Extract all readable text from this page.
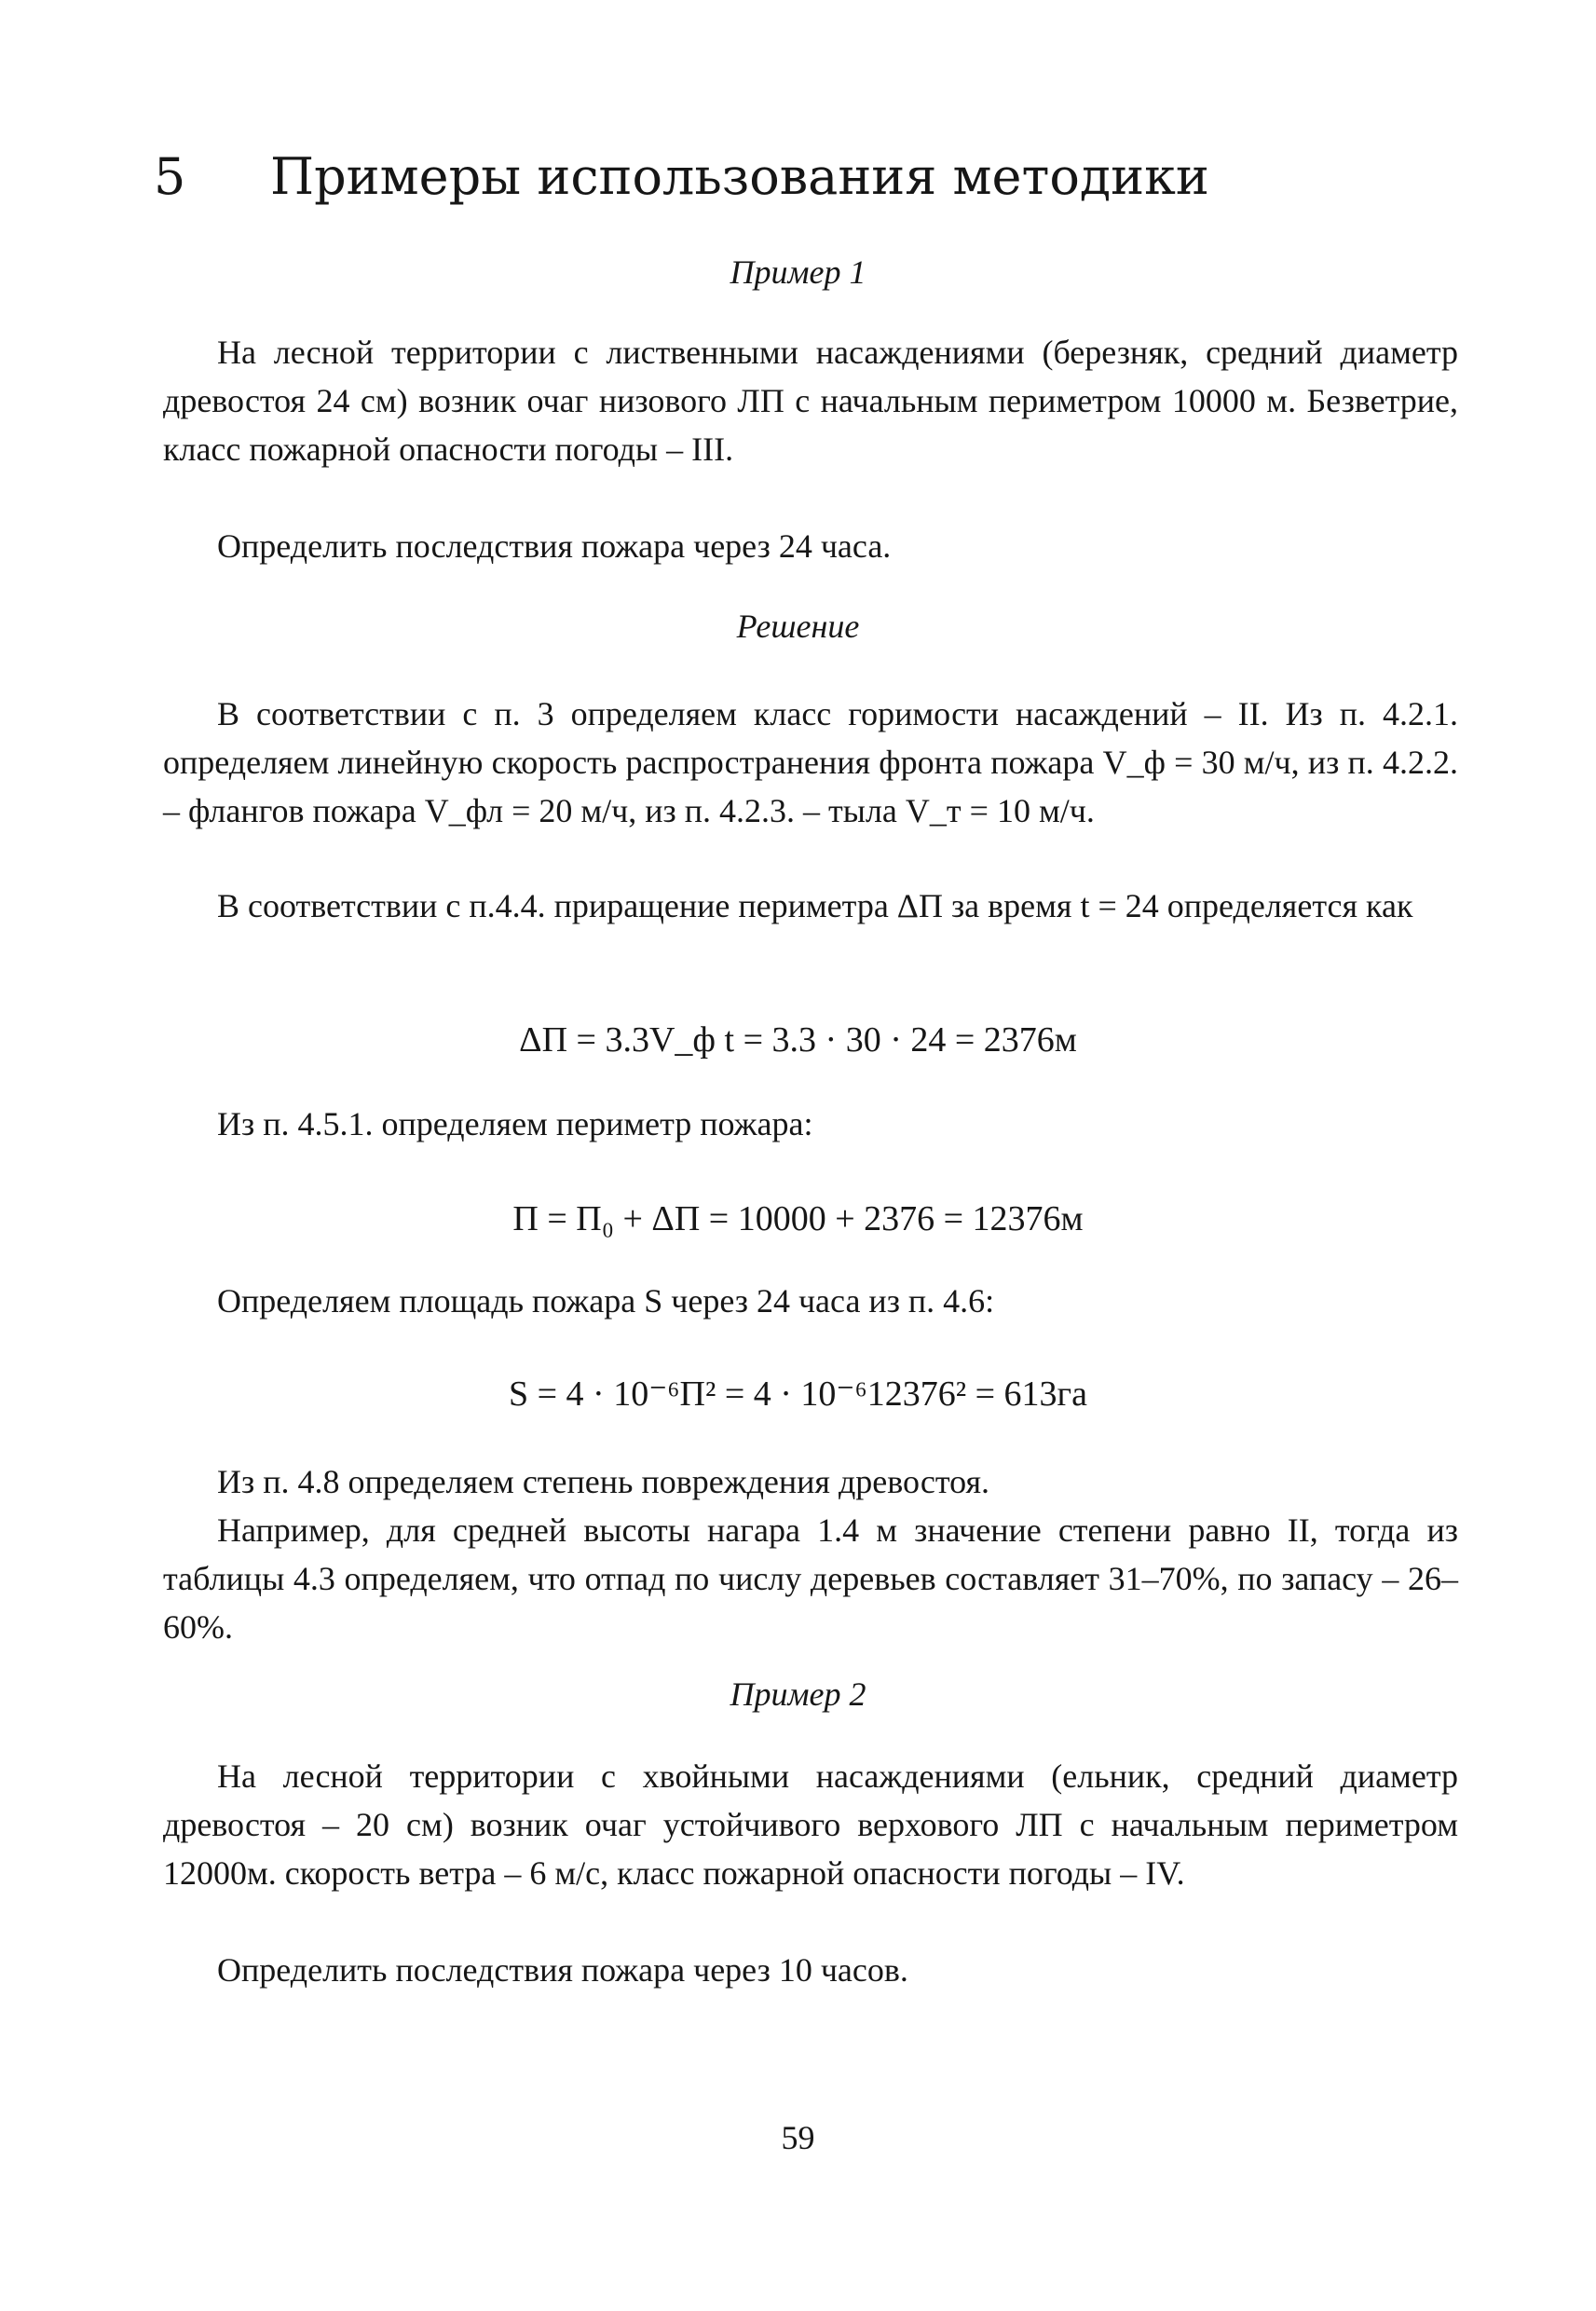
5 Примеры использования методики
Пример 1

На лесной территории с лиственными насаждениями (березняк, средний диаметр древостоя 24 см) возник очаг низового ЛП с начальным периметром 10000 м. Безветрие, класс пожарной опасности погоды – III.

Определить последствия пожара через 24 часа.

Решение

В соответствии с п. 3 определяем класс горимости насаждений – II. Из п. 4.2.1. определяем линейную скорость распространения фронта пожара V_ф = 30 м/ч, из п. 4.2.2. – флангов пожара V_фл = 20 м/ч, из п. 4.2.3. – тыла V_т = 10 м/ч.

В соответствии с п.4.4. приращение периметра ΔП за время t = 24 определяется как

ΔП = 3.3V_ф t = 3.3 · 30 · 24 = 2376м

Из п. 4.5.1. определяем периметр пожара:

П = П₀ + ΔП = 10000 + 2376 = 12376м

Определяем площадь пожара S через 24 часа из п. 4.6:

S = 4 · 10⁻⁶П² = 4 · 10⁻⁶12376² = 613га

Из п. 4.8 определяем степень повреждения древостоя.

Например, для средней высоты нагара 1.4 м значение степени равно II, тогда из таблицы 4.3 определяем, что отпад по числу деревьев составляет 31–70%, по запасу – 26–60%.

Пример 2

На лесной территории с хвойными насаждениями (ельник, средний диаметр древостоя – 20 см) возник очаг устойчивого верхового ЛП с начальным периметром 12000м. скорость ветра – 6 м/с, класс пожарной опасности погоды – IV.

Определить последствия пожара через 10 часов.

59
